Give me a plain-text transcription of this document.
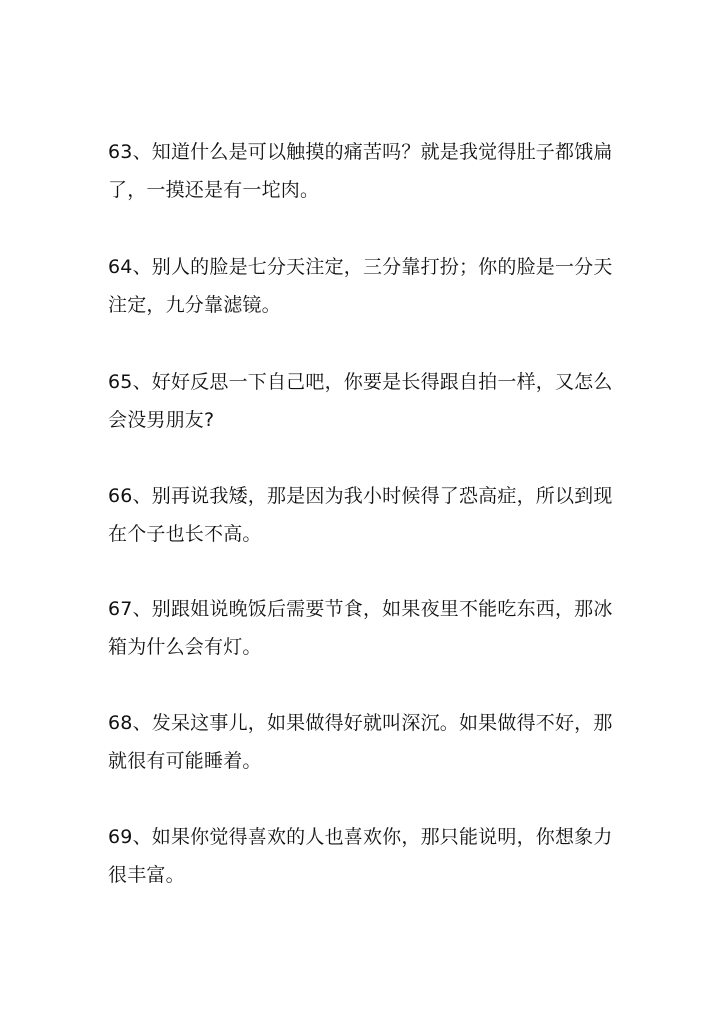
63、知道什么是可以触摸的痛苦吗？就是我觉得肚子都饿扁了，一摸还是有一坨肉。

64、别人的脸是七分天注定，三分靠打扮；你的脸是一分天注定，九分靠滤镜。

65、好好反思一下自己吧，你要是长得跟自拍一样，又怎么会没男朋友?

66、别再说我矮，那是因为我小时候得了恐高症，所以到现在个子也长不高。

67、别跟姐说晚饭后需要节食，如果夜里不能吃东西，那冰箱为什么会有灯。

68、发呆这事儿，如果做得好就叫深沉。如果做得不好，那就很有可能睡着。

69、如果你觉得喜欢的人也喜欢你，那只能说明，你想象力很丰富。
